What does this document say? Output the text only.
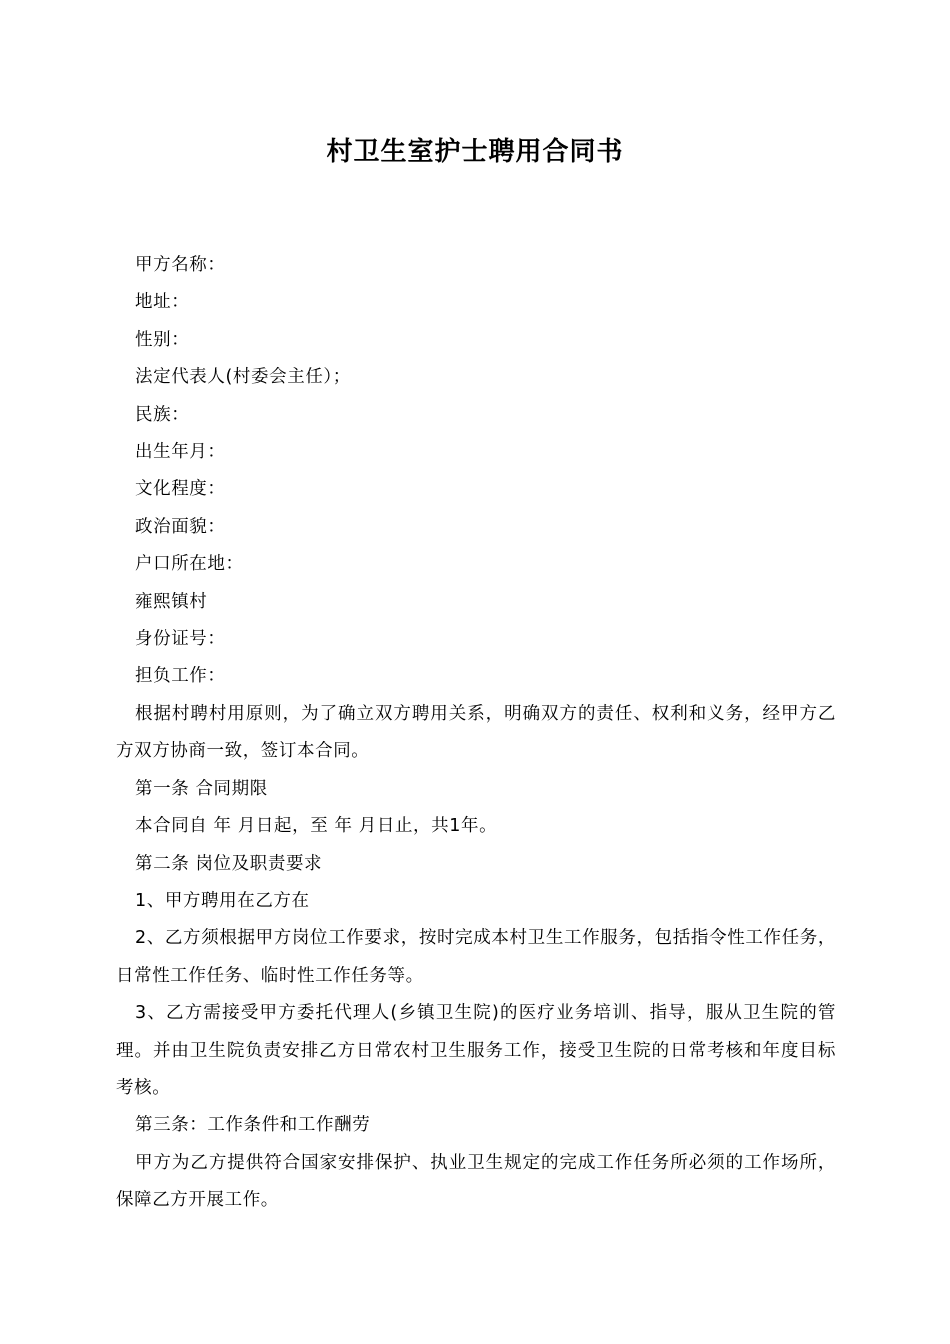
村卫生室护士聘用合同书

甲方名称：

地址：

性别：

法定代表人(村委会主任）；

民族：

出生年月：

文化程度：

政治面貌：

户口所在地：

雍熙镇村

身份证号：

担负工作：

根据村聘村用原则，为了确立双方聘用关系，明确双方的责任、权利和义务，经甲方乙方双方协商一致，签订本合同。

第一条 合同期限

本合同自 年 月日起，至 年 月日止，共1年。

第二条 岗位及职责要求

1、甲方聘用在乙方在

2、乙方须根据甲方岗位工作要求，按时完成本村卫生工作服务，包括指令性工作任务，日常性工作任务、临时性工作任务等。

3、乙方需接受甲方委托代理人(乡镇卫生院)的医疗业务培训、指导，服从卫生院的管理。并由卫生院负责安排乙方日常农村卫生服务工作，接受卫生院的日常考核和年度目标考核。

第三条：工作条件和工作酬劳

甲方为乙方提供符合国家安排保护、执业卫生规定的完成工作任务所必须的工作场所，保障乙方开展工作。
